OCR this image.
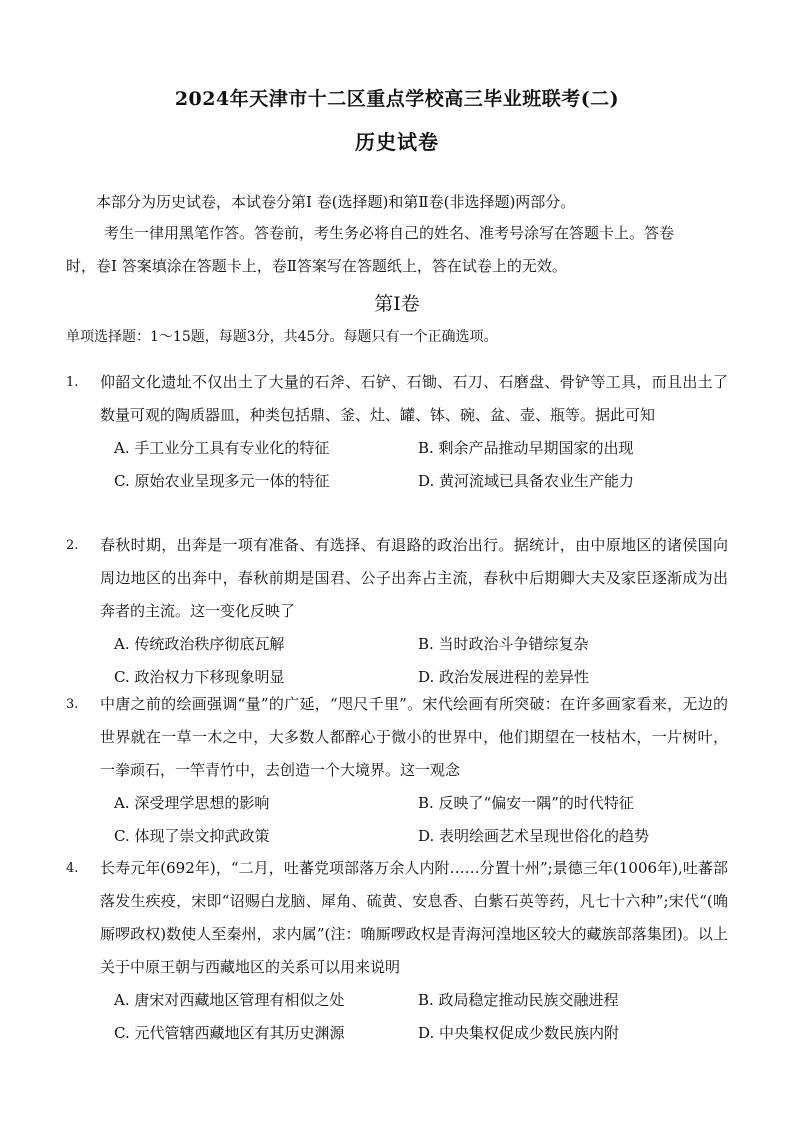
2024年天津市十二区重点学校高三毕业班联考(二)
历史试卷
本部分为历史试卷，本试卷分第Ⅰ 卷(选择题)和第Ⅱ卷(非选择题)两部分。
考生一律用黑笔作答。答卷前，考生务必将自己的姓名、准考号涂写在答题卡上。答卷
时，卷Ⅰ 答案填涂在答题卡上，卷Ⅱ答案写在答题纸上，答在试卷上的无效。
第Ⅰ卷
单项选择题：1～15题，每题3分，共45分。每题只有一个正确选项。
1. 仰韶文化遗址不仅出土了大量的石斧、石铲、石锄、石刀、石磨盘、骨铲等工具，而且出土了数量可观的陶质器皿，种类包括鼎、釜、灶、罐、钵、碗、盆、壶、瓶等。据此可知
A. 手工业分工具有专业化的特征	B. 剩余产品推动早期国家的出现
C. 原始农业呈现多元一体的特征	D. 黄河流域已具备农业生产能力
2. 春秋时期，出奔是一项有准备、有选择、有退路的政治出行。据统计，由中原地区的诸侯国向周边地区的出奔中，春秋前期是国君、公子出奔占主流，春秋中后期卿大夫及家臣逐渐成为出奔者的主流。这一变化反映了
A. 传统政治秩序彻底瓦解	B. 当时政治斗争错综复杂
C. 政治权力下移现象明显	D. 政治发展进程的差异性
3. 中唐之前的绘画强调“量”的广延，“咫尺千里”。宋代绘画有所突破：在许多画家看来，无边的世界就在一草一木之中，大多数人都醉心于微小的世界中，他们期望在一枝枯木，一片树叶，一拳顽石，一竿青竹中，去创造一个大境界。这一观念
A. 深受理学思想的影响	B. 反映了“偏安一隅”的时代特征
C. 体现了崇文抑武政策	D. 表明绘画艺术呈现世俗化的趋势
4. 长寿元年(692年)，“二月，吐蕃党项部落万余人内附……分置十州”;景德三年(1006年),吐蕃部落发生疾疫，宋即“诏赐白龙脑、犀角、硫黄、安息香、白紫石英等药，凡七十六种”;宋代“(唃厮啰政权)数使人至秦州，求内属”(注：唃厮啰政权是青海河湟地区较大的藏族部落集团)。以上关于中原王朝与西藏地区的关系可以用来说明
A. 唐宋对西藏地区管理有相似之处	B. 政局稳定推动民族交融进程
C. 元代管辖西藏地区有其历史渊源	D. 中央集权促成少数民族内附
